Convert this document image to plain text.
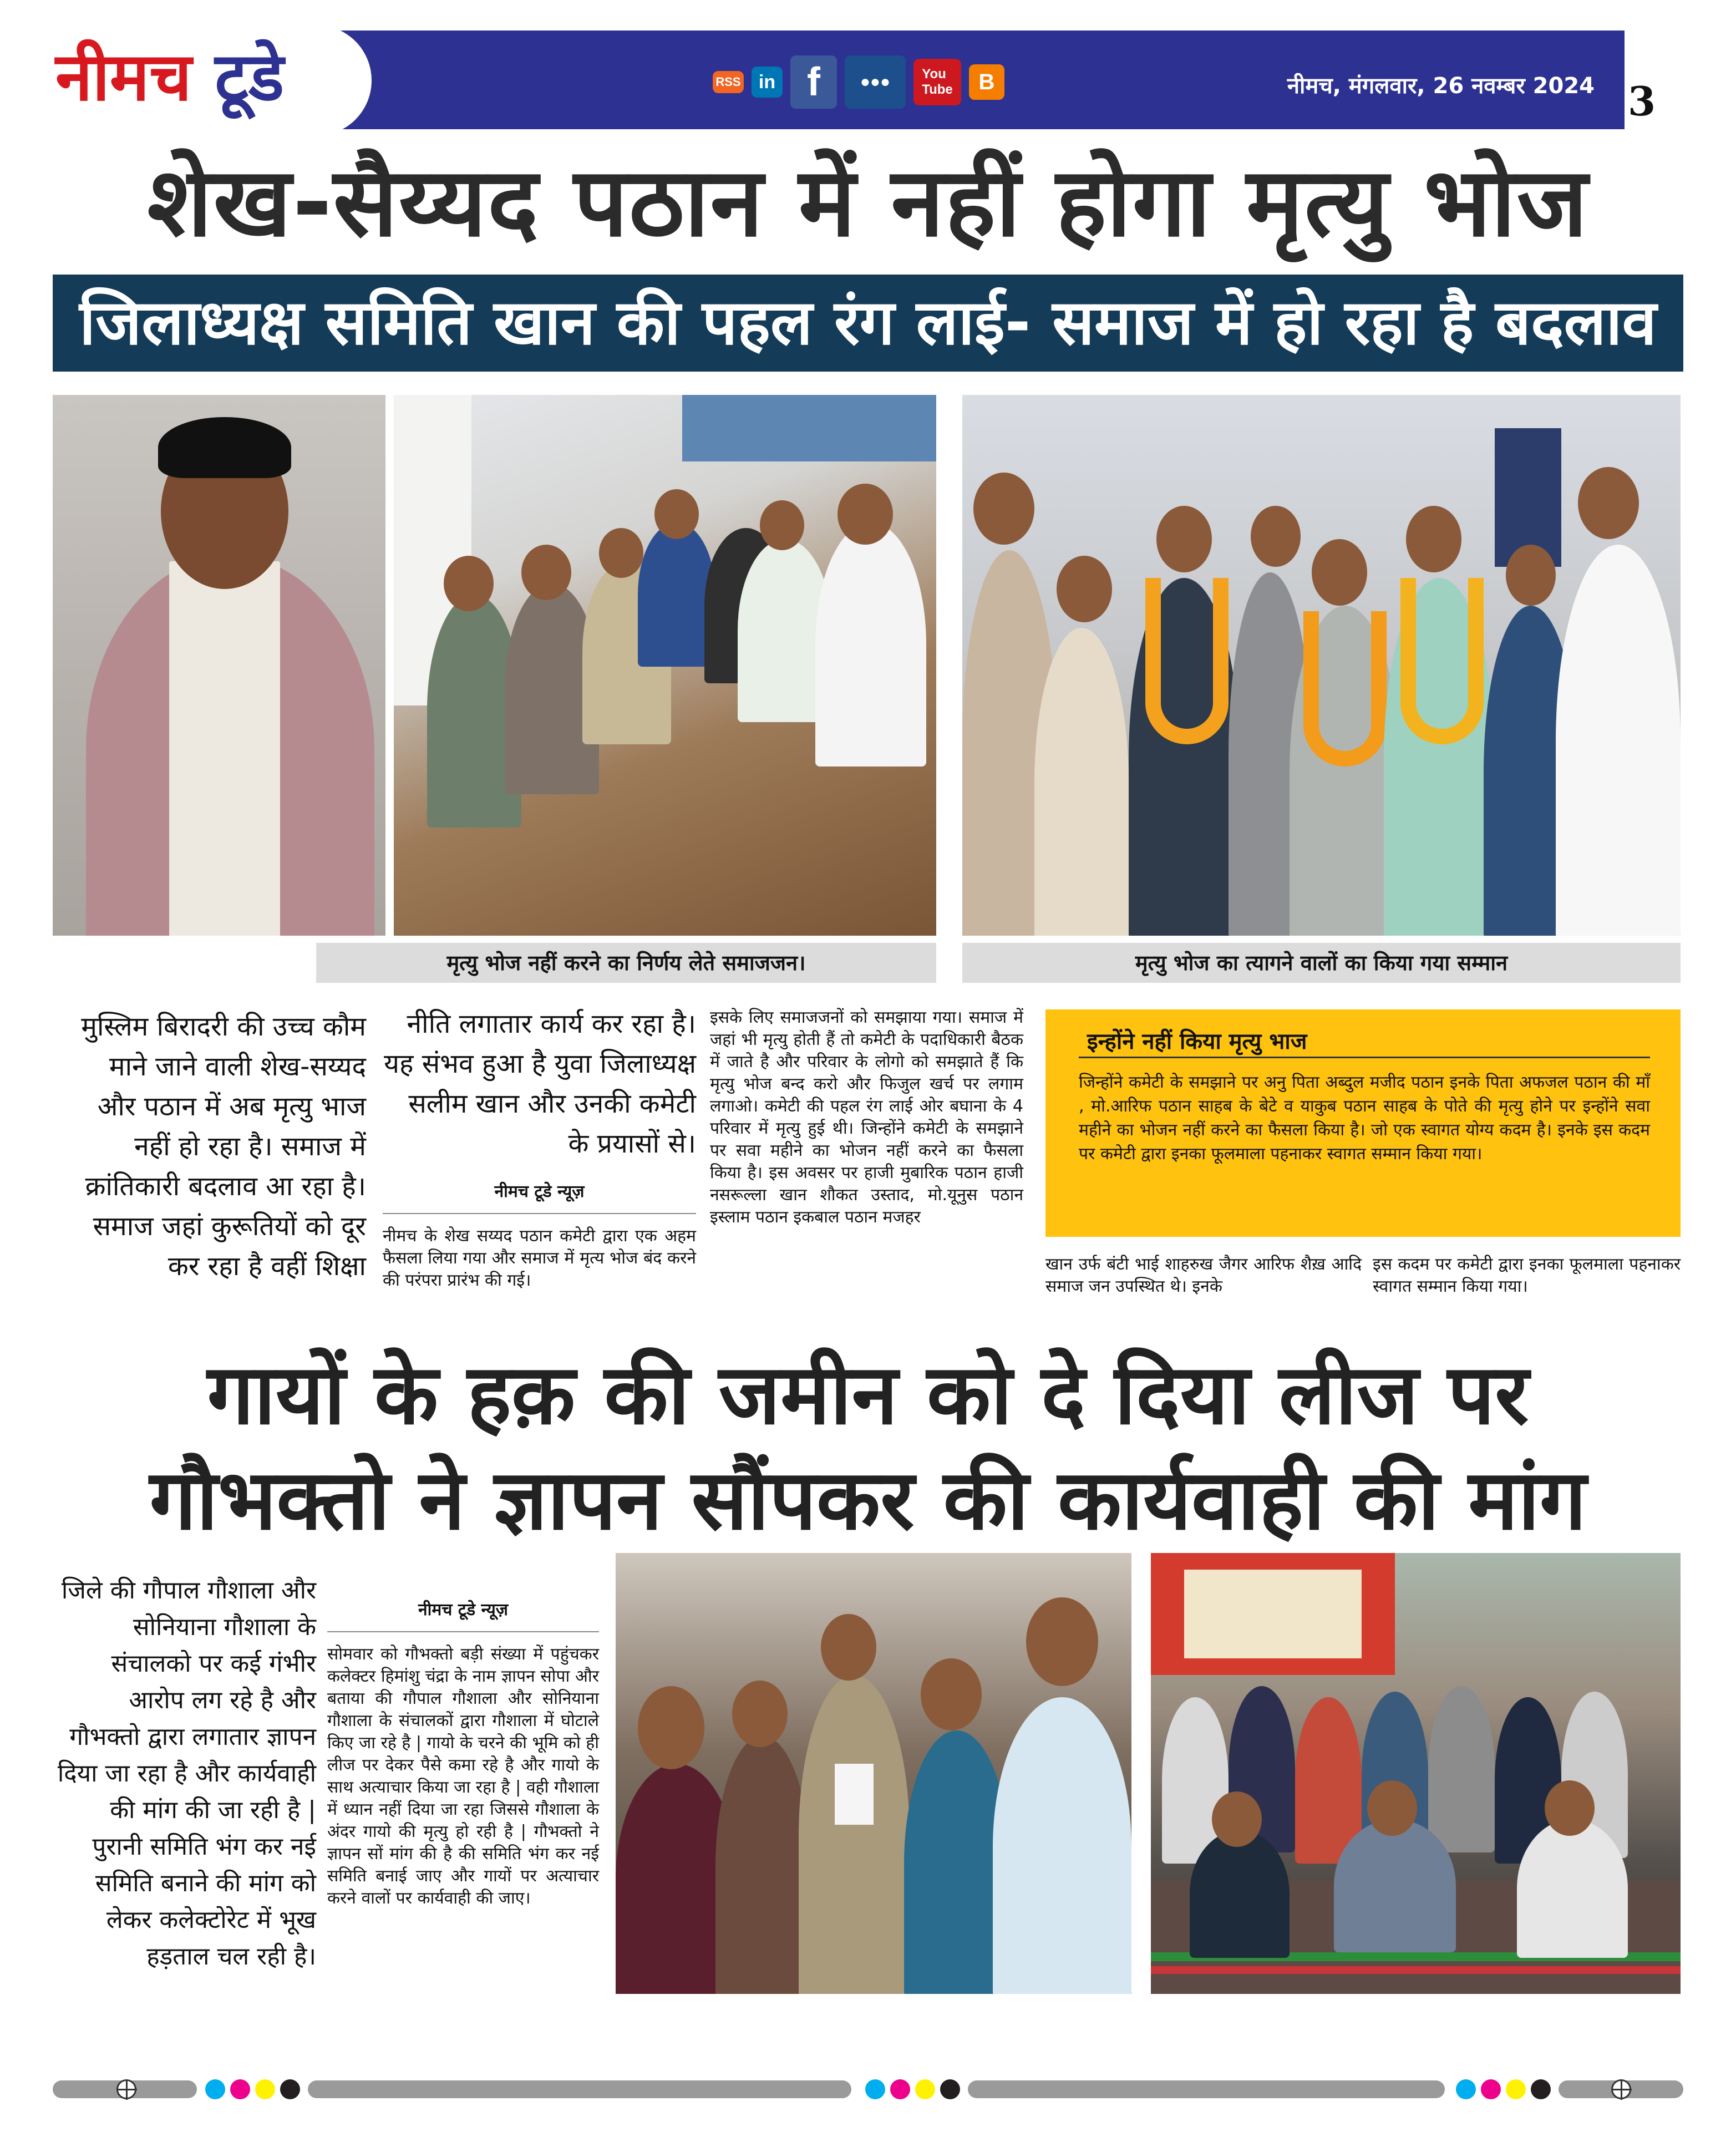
नीमच टूडे	RSS in f	●●●	You
Tube	B	नीमच, मंगलवार, 26 नवम्बर 2024 3
शेख-सैय्यद पठान में नहीं होगा मृत्यु भोज
जिलाध्यक्ष समिति खान की पहल रंग लाई- समाज में हो रहा है बदलाव
मृत्यु भोज नहीं करने का निर्णय लेते समाजजन।	मृत्यु भोज का त्यागने वालों का किया गया सम्मान
मुस्लिम बिरादरी की उच्च कौम माने जाने वाली शेख-सय्यद और पठान में अब मृत्यु भाज नहीं हो रहा है। समाज में क्रांतिकारी बदलाव आ रहा है। समाज जहां कुरूतियों को दूर कर रहा है वहीं शिक्षा
नीति लगातार कार्य कर रहा है। यह संभव हुआ है युवा जिलाध्यक्ष सलीम खान और उनकी कमेटी के प्रयासों से।
नीमच टूडे न्यूज़
नीमच के शेख सय्यद पठान कमेटी द्वारा एक अहम फैसला लिया गया और समाज में मृत्य भोज बंद करने की परंपरा प्रारंभ की गई।
इसके लिए समाजजनों को समझाया गया। समाज में जहां भी मृत्यु होती हैं तो कमेटी के पदाधिकारी बैठक में जाते है और परिवार के लोगो को समझाते हैं कि मृत्यु भोज बन्द करो और फिजुल खर्च पर लगाम लगाओ। कमेटी की पहल रंग लाई ओर बघाना के 4 परिवार में मृत्यु हुई थी। जिन्होंने कमेटी के समझाने पर सवा महीने का भोजन नहीं करने का फैसला किया है। इस अवसर पर हाजी मुबारिक पठान हाजी नसरूल्ला खान शौकत उस्ताद, मो.यूनुस पठान इस्लाम पठान इकबाल पठान मजहर
इन्होंने नहीं किया मृत्यु भाज
जिन्होंने कमेटी के समझाने पर अनु पिता अब्दुल मजीद पठान इनके पिता अफजल पठान की माँ , मो.आरिफ पठान साहब के बेटे व याकुब पठान साहब के पोते की मृत्यु होने पर इन्होंने सवा महीने का भोजन नहीं करने का फैसला किया है। जो एक स्वागत योग्य कदम है। इनके इस कदम पर कमेटी द्वारा इनका फूलमाला पहनाकर स्वागत सम्मान किया गया।
खान उर्फ बंटी भाई शाहरुख जैगर आरिफ शैख़ आदि समाज जन उपस्थित थे। इनके
इस कदम पर कमेटी द्वारा इनका फूलमाला पहनाकर स्वागत सम्मान किया गया।
गायों के हक़ की जमीन को दे दिया लीज पर
गौभक्तो ने ज्ञापन सौंपकर की कार्यवाही की मांग
जिले की गौपाल गौशाला और सोनियाना गौशाला के संचालको पर कई गंभीर आरोप लग रहे है और गौभक्तो द्वारा लगातार ज्ञापन दिया जा रहा है और कार्यवाही की मांग की जा रही है | पुरानी समिति भंग कर नई समिति बनाने की मांग को लेकर कलेक्टोरेट में भूख हड़ताल चल रही है।
नीमच टूडे न्यूज़
सोमवार को गौभक्तो बड़ी संख्या में पहुंचकर कलेक्टर हिमांशु चंद्रा के नाम ज्ञापन सोपा और बताया की गौपाल गौशाला और सोनियाना गौशाला के संचालकों द्वारा गौशाला में घोटाले किए जा रहे है | गायो के चरने की भूमि को ही लीज पर देकर पैसे कमा रहे है और गायो के साथ अत्याचार किया जा रहा है | वही गौशाला में ध्यान नहीं दिया जा रहा जिससे गौशाला के अंदर गायो की मृत्यु हो रही है | गौभक्तो ने ज्ञापन सों मांग की है की समिति भंग कर नई समिति बनाई जाए और गायों पर अत्याचार करने वालों पर कार्यवाही की जाए।
